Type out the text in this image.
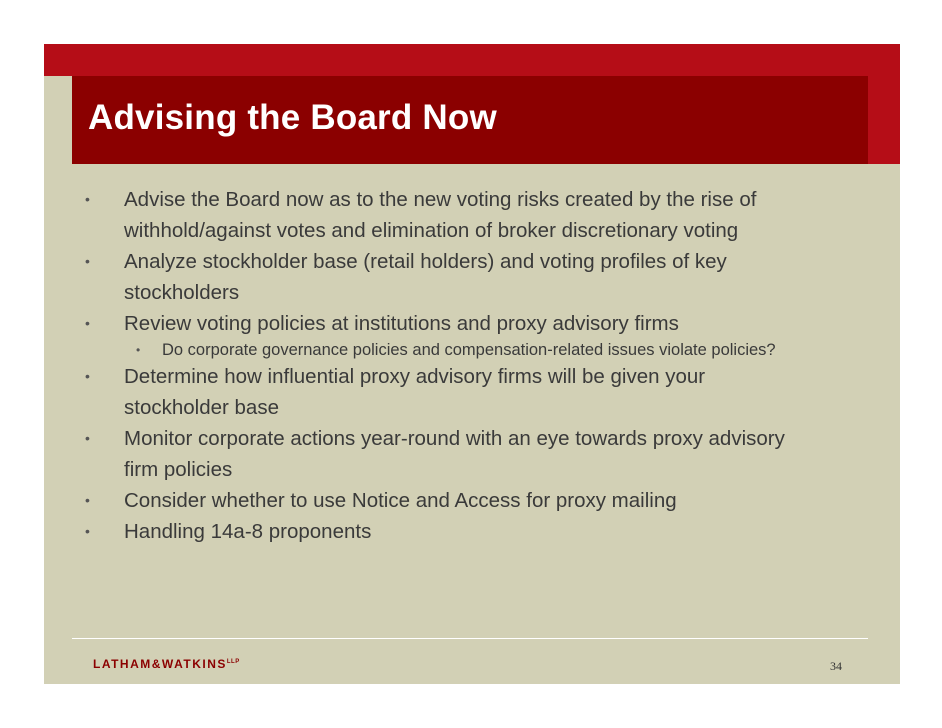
Advising the Board Now
• Advise the Board now as to the new voting risks created by the rise of withhold/against votes and elimination of broker discretionary voting
• Analyze stockholder base (retail holders) and voting profiles of key stockholders
• Review voting policies at institutions and proxy advisory firms
• Do corporate governance policies and compensation-related issues violate policies?
• Determine how influential proxy advisory firms will be given your stockholder base
• Monitor corporate actions year-round with an eye towards proxy advisory firm policies
• Consider whether to use Notice and Access for proxy mailing
• Handling 14a-8 proponents
$LATHAM\&WATKINS^{LLP}$	34
